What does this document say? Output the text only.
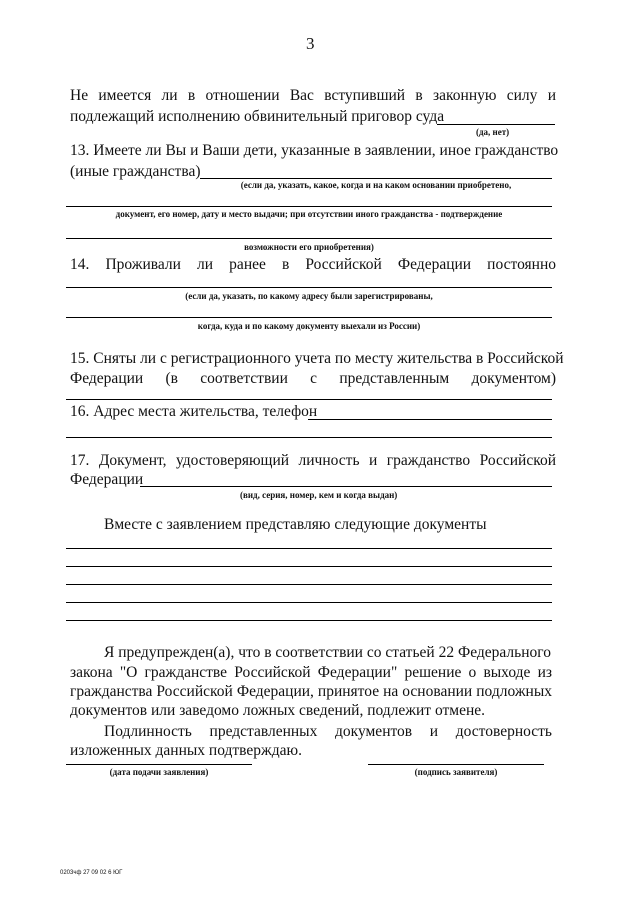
3
Не имеется ли в отношении Вас вступивший в законную силу и
подлежащий исполнению обвинительный приговор суда
(да, нет)
13. Имеете ли Вы и Ваши дети, указанные в заявлении, иное гражданство
(иные гражданства)
(если да, указать, какое, когда и на каком основании приобретено,
документ, его номер, дату и место выдачи; при отсутствии иного гражданства - подтверждение
возможности его приобретения)
14. Проживали ли ранее в Российской Федерации постоянно
(если да, указать, по какому адресу были зарегистрированы,
когда, куда и по какому документу выехали из России)
15. Сняты ли с регистрационного учета по месту жительства в Российской
Федерации (в соответствии с представленным документом)
16. Адрес места жительства, телефон
17. Документ, удостоверяющий личность и гражданство Российской
Федерации
(вид, серия, номер, кем и когда выдан)
Вместе с заявлением представляю следующие документы
Я предупрежден(а), что в соответствии со статьей 22 Федерального
закона "О гражданстве Российской Федерации" решение о выходе из
гражданства Российской Федерации, принятое на основании подложных
документов или заведомо ложных сведений, подлежит отмене.
Подлинность представленных документов и достоверность
изложенных данных подтверждаю.
(дата подачи заявления)	(подпись заявителя)
0203чф 27 09 02 6 ЮГ
